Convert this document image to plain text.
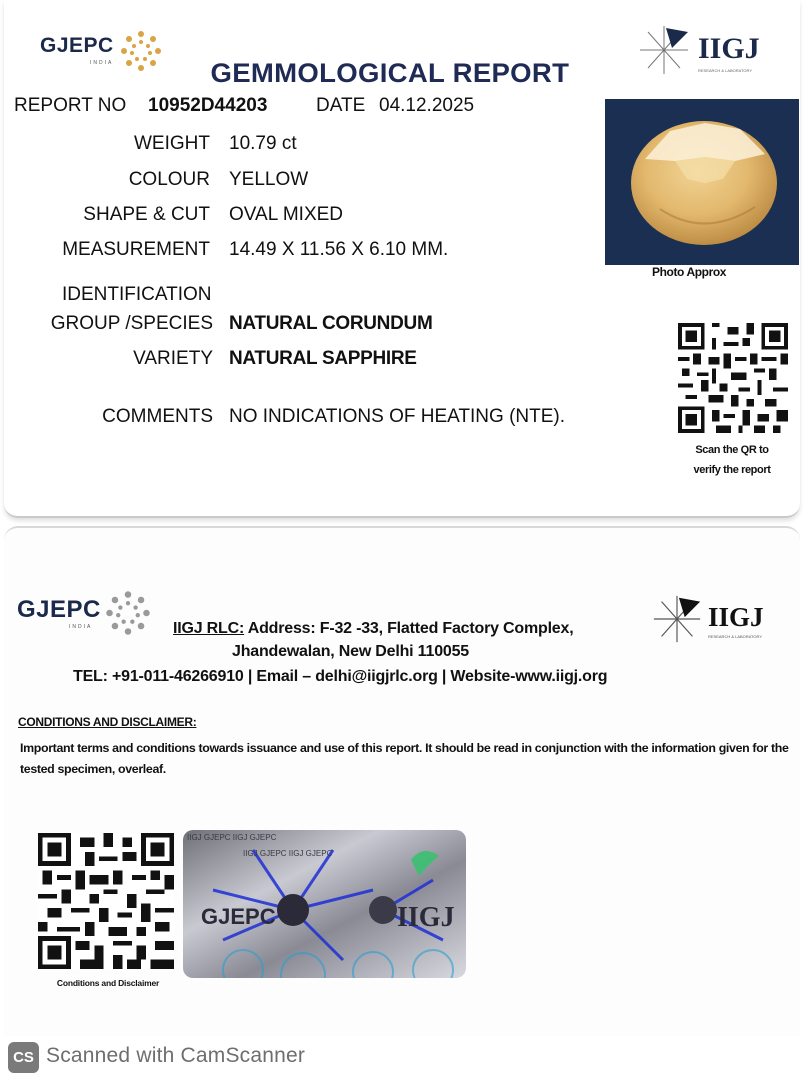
GJEPC
INDIA	IIGJ
RESEARCH & LABORATORY
GEMMOLOGICAL REPORT
REPORT NO 10952D44203	DATE 04.12.2025
WEIGHT 10.79 ct
COLOUR YELLOW
SHAPE & CUT OVAL MIXED
MEASUREMENT 14.49 X 11.56 X 6.10 MM.
IDENTIFICATION
GROUP /SPECIES NATURAL CORUNDUM
VARIETY NATURAL SAPPHIRE
COMMENTS NO INDICATIONS OF HEATING (NTE).
Photo Approx
Scan the QR to
verify the report
GJEPC
INDIA	IIGJ
RESEARCH & LABORATORY
IIGJ RLC: Address: F-32 -33, Flatted Factory Complex,
Jhandewalan, New Delhi 110055
TEL: +91-011-46266910 | Email – delhi@iigjrlc.org | Website-www.iigj.org
CONDITIONS AND DISCLAIMER:
Important terms and conditions towards issuance and use of this report. It should be read in conjunction with the information given for the tested specimen, overleaf.
Conditions and Disclaimer
GJEPC	IIGJ
IIGJ GJEPC IIGJ GJEPC
IIGJ GJEPC IIGJ GJEPC
CS Scanned with CamScanner
